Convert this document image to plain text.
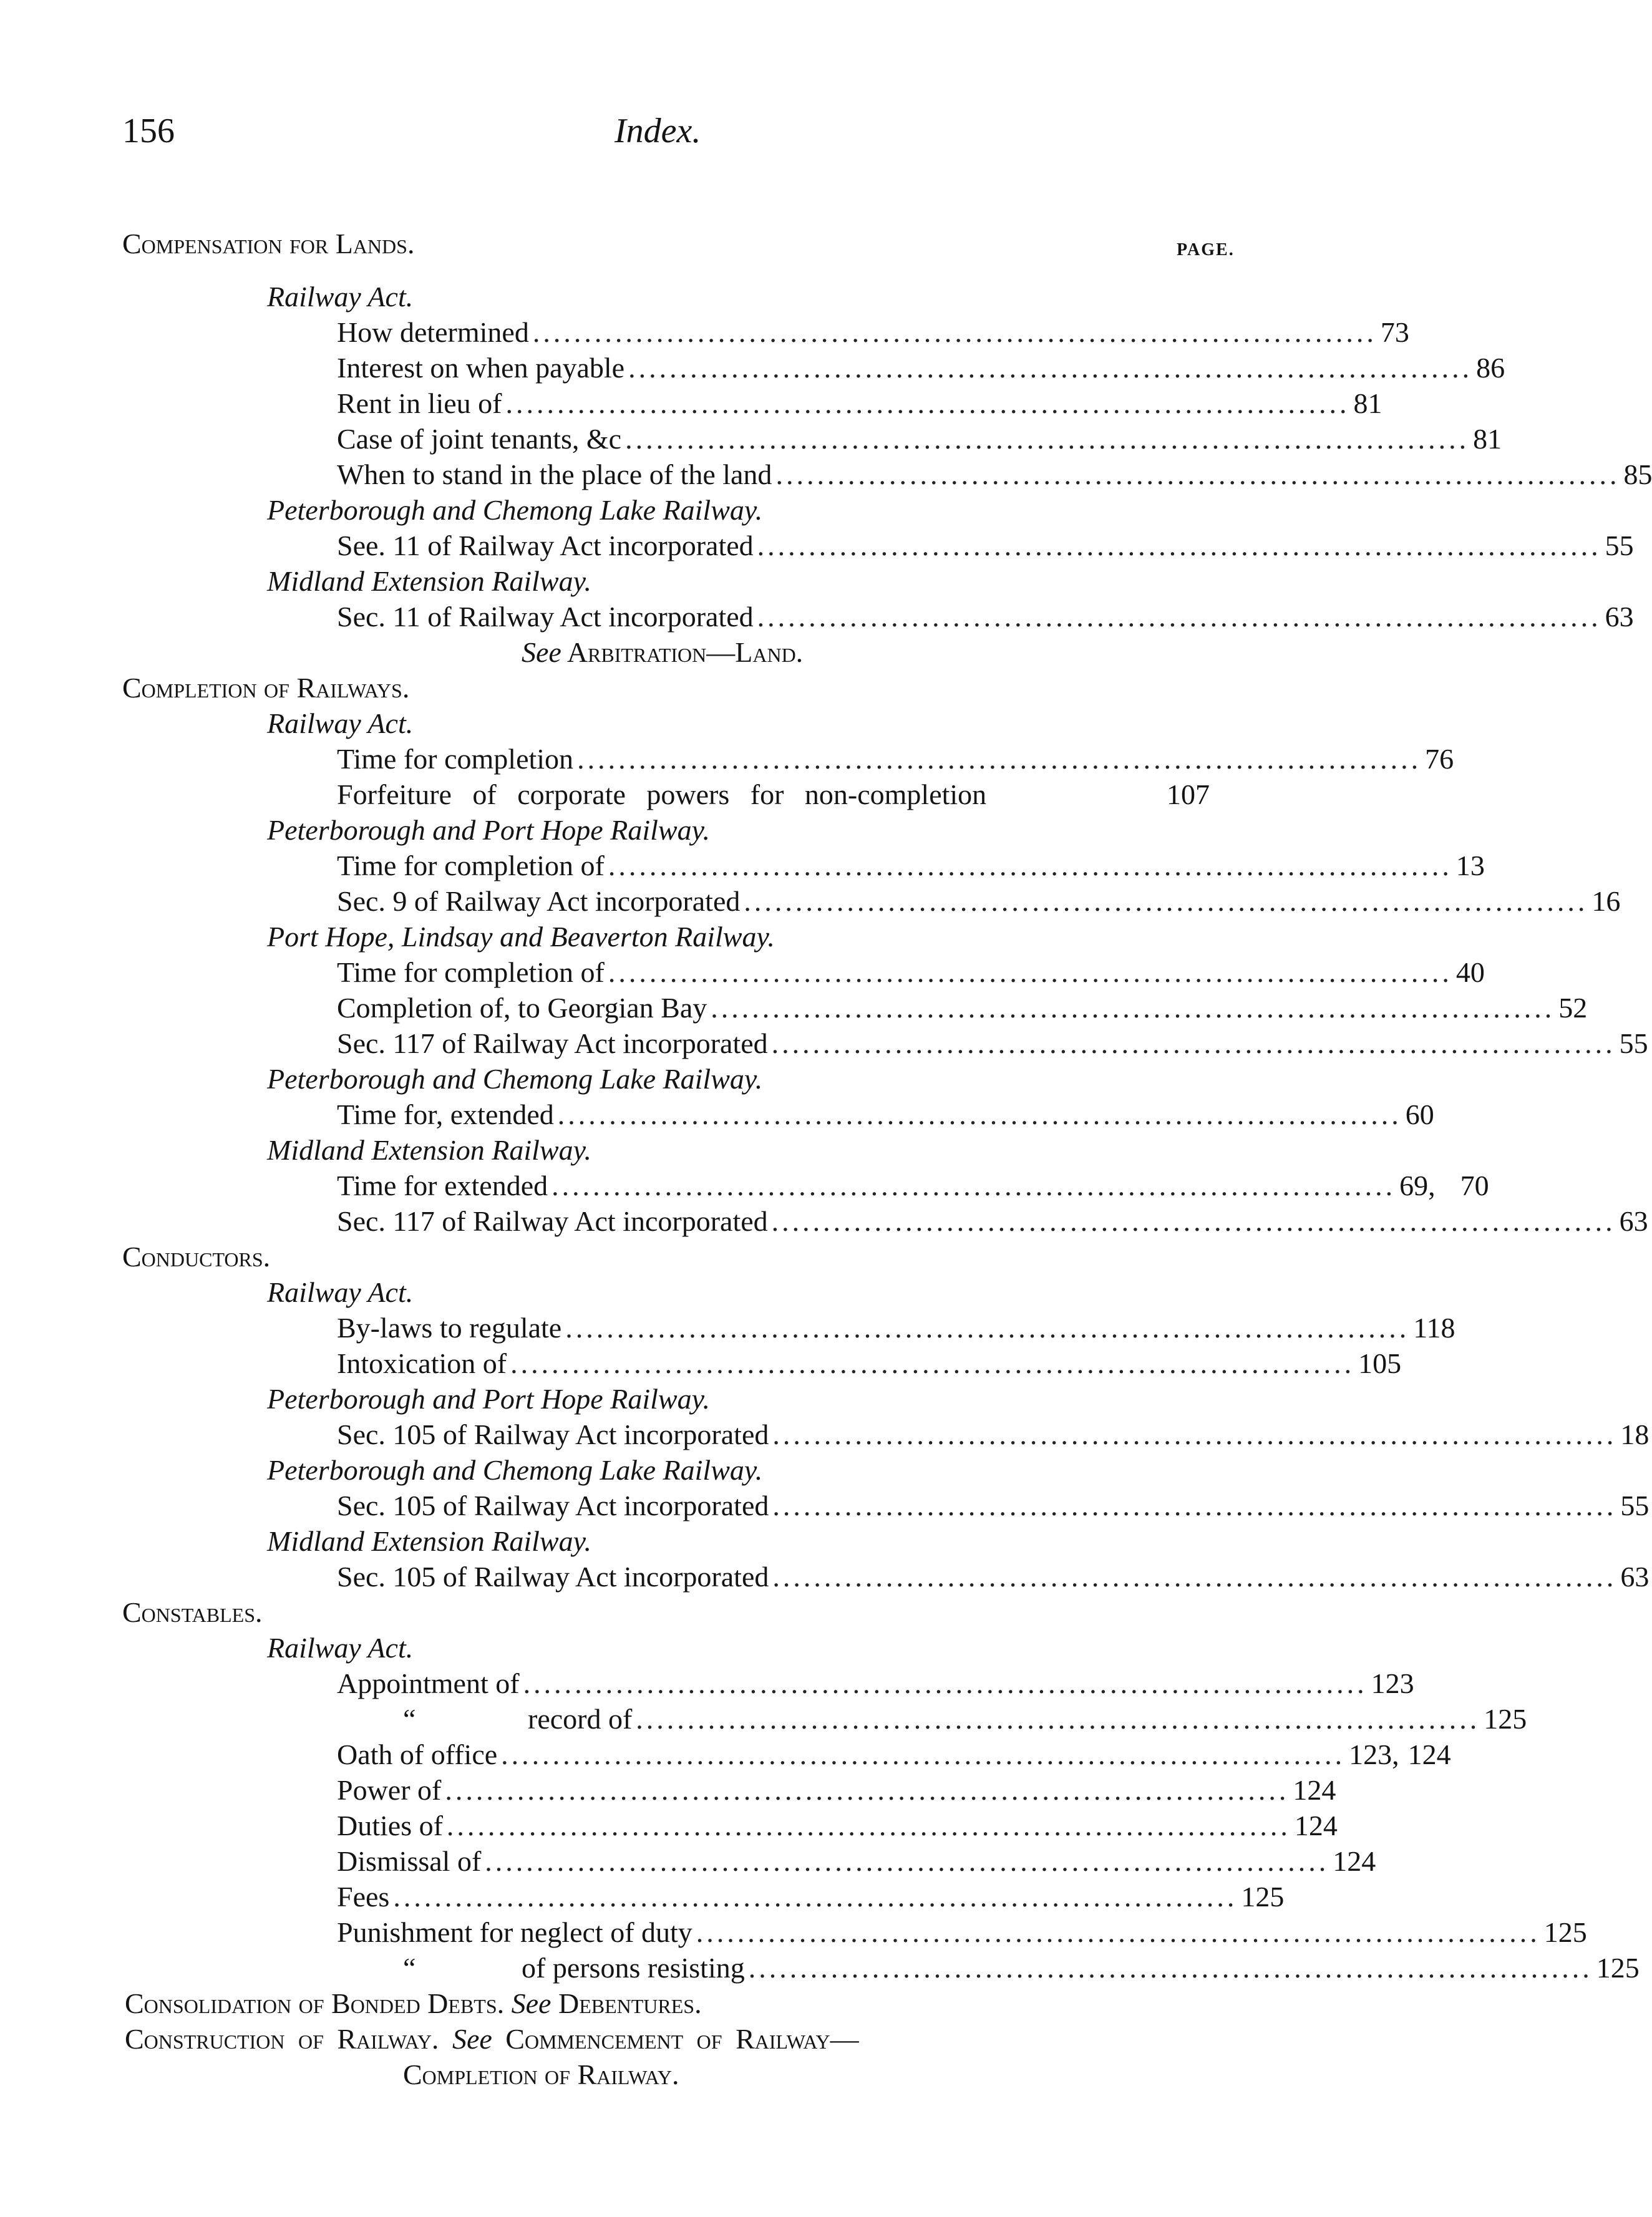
156	Index.
PAGE.
Compensation for Lands.
Railway Act.
How determined .................................................................................. 73
Interest on when payable .................................................................................. 86
Rent in lieu of .................................................................................. 81
Case of joint tenants, &c .................................................................................. 81
When to stand in the place of the land .................................................................................. 85
Peterborough and Chemong Lake Railway.
See. 11 of Railway Act incorporated .................................................................................. 55
Midland Extension Railway.
Sec. 11 of Railway Act incorporated .................................................................................. 63
See Arbitration—Land.
Completion of Railways.
Railway Act.
Time for completion .................................................................................. 76
Forfeiture of corporate powers for non-completion	107
Peterborough and Port Hope Railway.
Time for completion of .................................................................................. 13
Sec. 9 of Railway Act incorporated .................................................................................. 16
Port Hope, Lindsay and Beaverton Railway.
Time for completion of .................................................................................. 40
Completion of, to Georgian Bay .................................................................................. 52
Sec. 117 of Railway Act incorporated .................................................................................. 55
Peterborough and Chemong Lake Railway.
Time for, extended .................................................................................. 60
Midland Extension Railway.
Time for extended .................................................................................. 69, 70
Sec. 117 of Railway Act incorporated .................................................................................. 63
Conductors.
Railway Act.
By-laws to regulate .................................................................................. 118
Intoxication of .................................................................................. 105
Peterborough and Port Hope Railway.
Sec. 105 of Railway Act incorporated .................................................................................. 18
Peterborough and Chemong Lake Railway.
Sec. 105 of Railway Act incorporated .................................................................................. 55
Midland Extension Railway.
Sec. 105 of Railway Act incorporated .................................................................................. 63
Constables.
Railway Act.
Appointment of .................................................................................. 123
“	record of .................................................................................. 125
Oath of office .................................................................................. 123, 124
Power of .................................................................................. 124
Duties of .................................................................................. 124
Dismissal of .................................................................................. 124
Fees .................................................................................. 125
Punishment for neglect of duty .................................................................................. 125
“	of persons resisting .................................................................................. 125
Consolidation of Bonded Debts. See Debentures.
Construction of Railway. See Commencement of Railway—
Completion of Railway.
